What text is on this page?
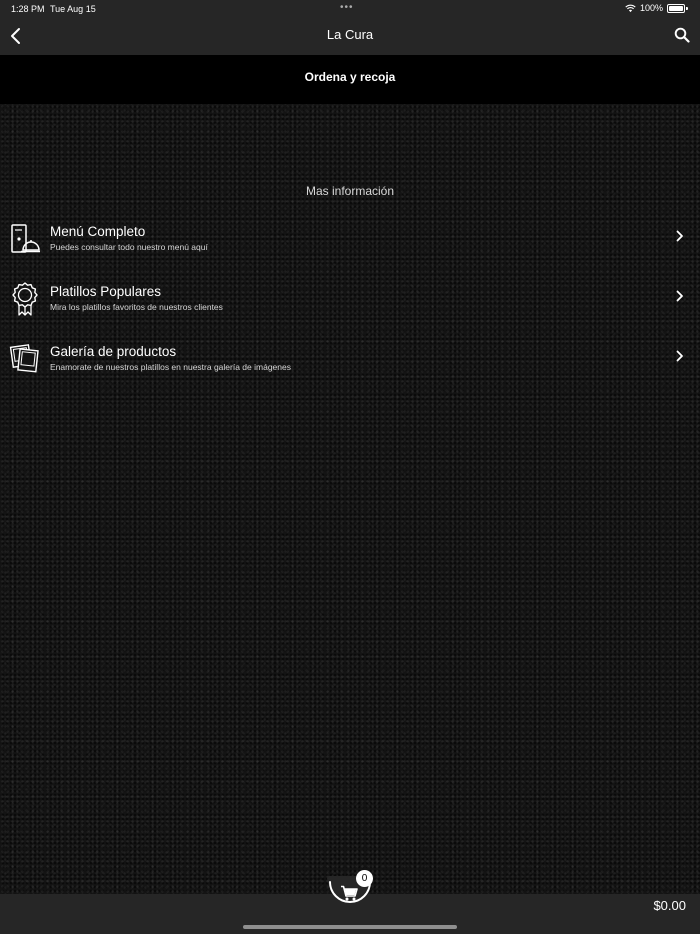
1:28 PM Tue Aug 15	•••	100%
La Cura
Ordena y recoja
Mas información
Menú Completo
Puedes consultar todo nuestro menú aquí
Platillos Populares
Mira los platillos favoritos de nuestros clientes
Galería de productos
Enamorate de nuestros platillos en nuestra galería de imágenes
0
$0.00
